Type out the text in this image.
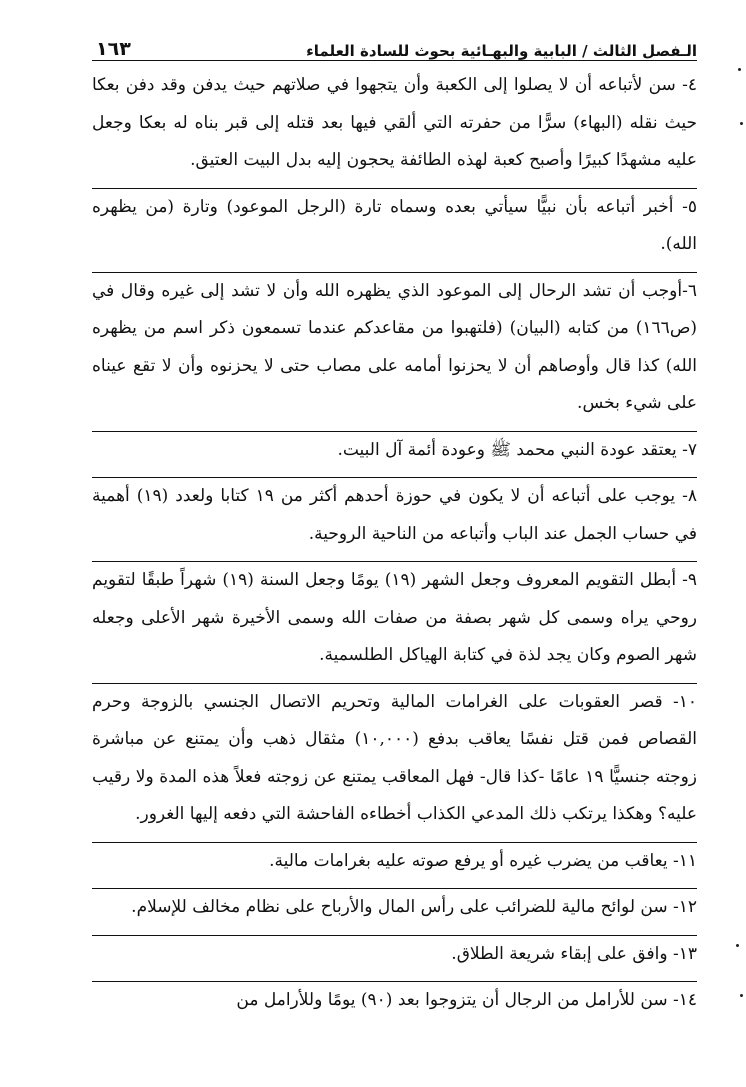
الـفصل الثالث / البابية والبهـائية بحوث للسادة العلماء
١٦٣
٤- سن لأتباعه أن لا يصلوا إلى الكعبة وأن يتجهوا في صلاتهم حيث يدفن وقد دفن بعكا حيث نقله (البهاء) سرًّا من حفرته التي ألقي فيها بعد قتله إلى قبر بناه له بعكا وجعل عليه مشهدًا كبيرًا وأصبح كعبة لهذه الطائفة يحجون إليه بدل البيت العتيق.
٥- أخبر أتباعه بأن نبيًّا سيأتي بعده وسماه تارة (الرجل الموعود) وتارة (من يظهره الله).
٦-أوجب أن تشد الرحال إلى الموعود الذي يظهره الله وأن لا تشد إلى غيره وقال في (ص١٦٦) من كتابه (البيان) (فلتهبوا من مقاعدكم عندما تسمعون ذكر اسم من يظهره الله) كذا قال وأوصاهم أن لا يحزنوا أمامه على مصاب حتى لا يحزنوه وأن لا تقع عيناه على شيء بخس.
٧- يعتقد عودة النبي محمد ﷺ وعودة أئمة آل البيت.
٨- يوجب على أتباعه أن لا يكون في حوزة أحدهم أكثر من ١٩ كتابا ولعدد (١٩) أهمية في حساب الجمل عند الباب وأتباعه من الناحية الروحية.
٩- أبطل التقويم المعروف وجعل الشهر (١٩) يومًا وجعل السنة (١٩) شهراً طبقًا لتقويم روحي يراه وسمى كل شهر بصفة من صفات الله وسمى الأخيرة شهر الأعلى وجعله شهر الصوم وكان يجد لذة في كتابة الهياكل الطلسمية.
١٠- قصر العقوبات على الغرامات المالية وتحريم الاتصال الجنسي بالزوجة وحرم القصاص فمن قتل نفسًا يعاقب بدفع (١٠,٠٠٠) مثقال ذهب وأن يمتنع عن مباشرة زوجته جنسيًّا ١٩ عامًا -كذا قال- فهل المعاقب يمتنع عن زوجته فعلاً هذه المدة ولا رقيب عليه؟ وهكذا يرتكب ذلك المدعي الكذاب أخطاءه الفاحشة التي دفعه إليها الغرور.
١١- يعاقب من يضرب غيره أو يرفع صوته عليه بغرامات مالية.
١٢- سن لوائح مالية للضرائب على رأس المال والأرباح على نظام مخالف للإسلام.
١٣- وافق على إبقاء شريعة الطلاق.
١٤- سن للأرامل من الرجال أن يتزوجوا بعد (٩٠) يومًا وللأرامل من
